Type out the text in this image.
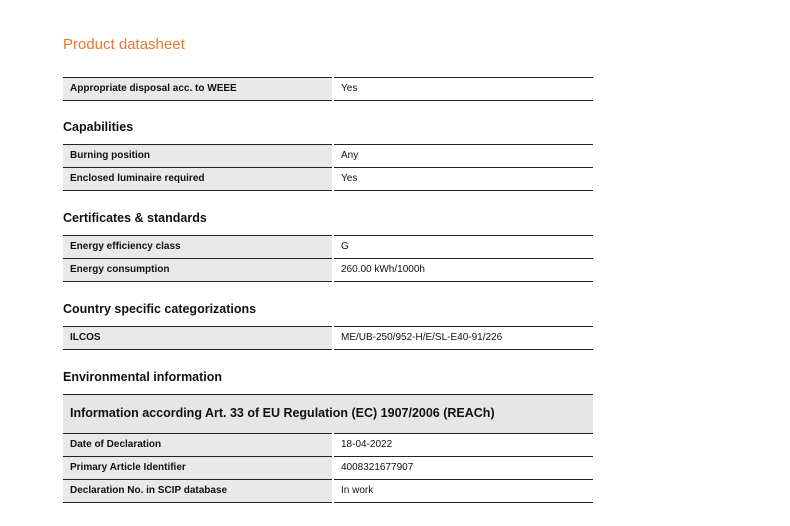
Product datasheet
Appropriate disposal acc. to WEEE	Yes
Capabilities
Burning position	Any
Enclosed luminaire required	Yes
Certificates & standards
Energy efficiency class	G
Energy consumption	260.00 kWh/1000h
Country specific categorizations
ILCOS	ME/UB-250/952-H/E/SL-E40-91/226
Environmental information
Information according Art. 33 of EU Regulation (EC) 1907/2006 (REACh)
Date of Declaration	18-04-2022
Primary Article Identifier	4008321677907
Declaration No. in SCIP database	In work
